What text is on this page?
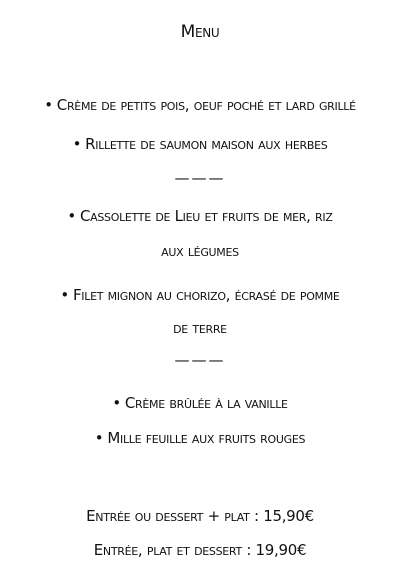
Menu
• Crème de petits pois, oeuf poché et lard grillé
• Rillette de saumon maison aux herbes
———
• Cassolette de Lieu et fruits de mer, riz
aux légumes
• Filet mignon au chorizo, écrasé de pomme
de terre
———
• Crème brûlée à la vanille
• Mille feuille aux fruits rouges
Entrée ou dessert + plat : 15,90€
Entrée, plat et dessert : 19,90€
